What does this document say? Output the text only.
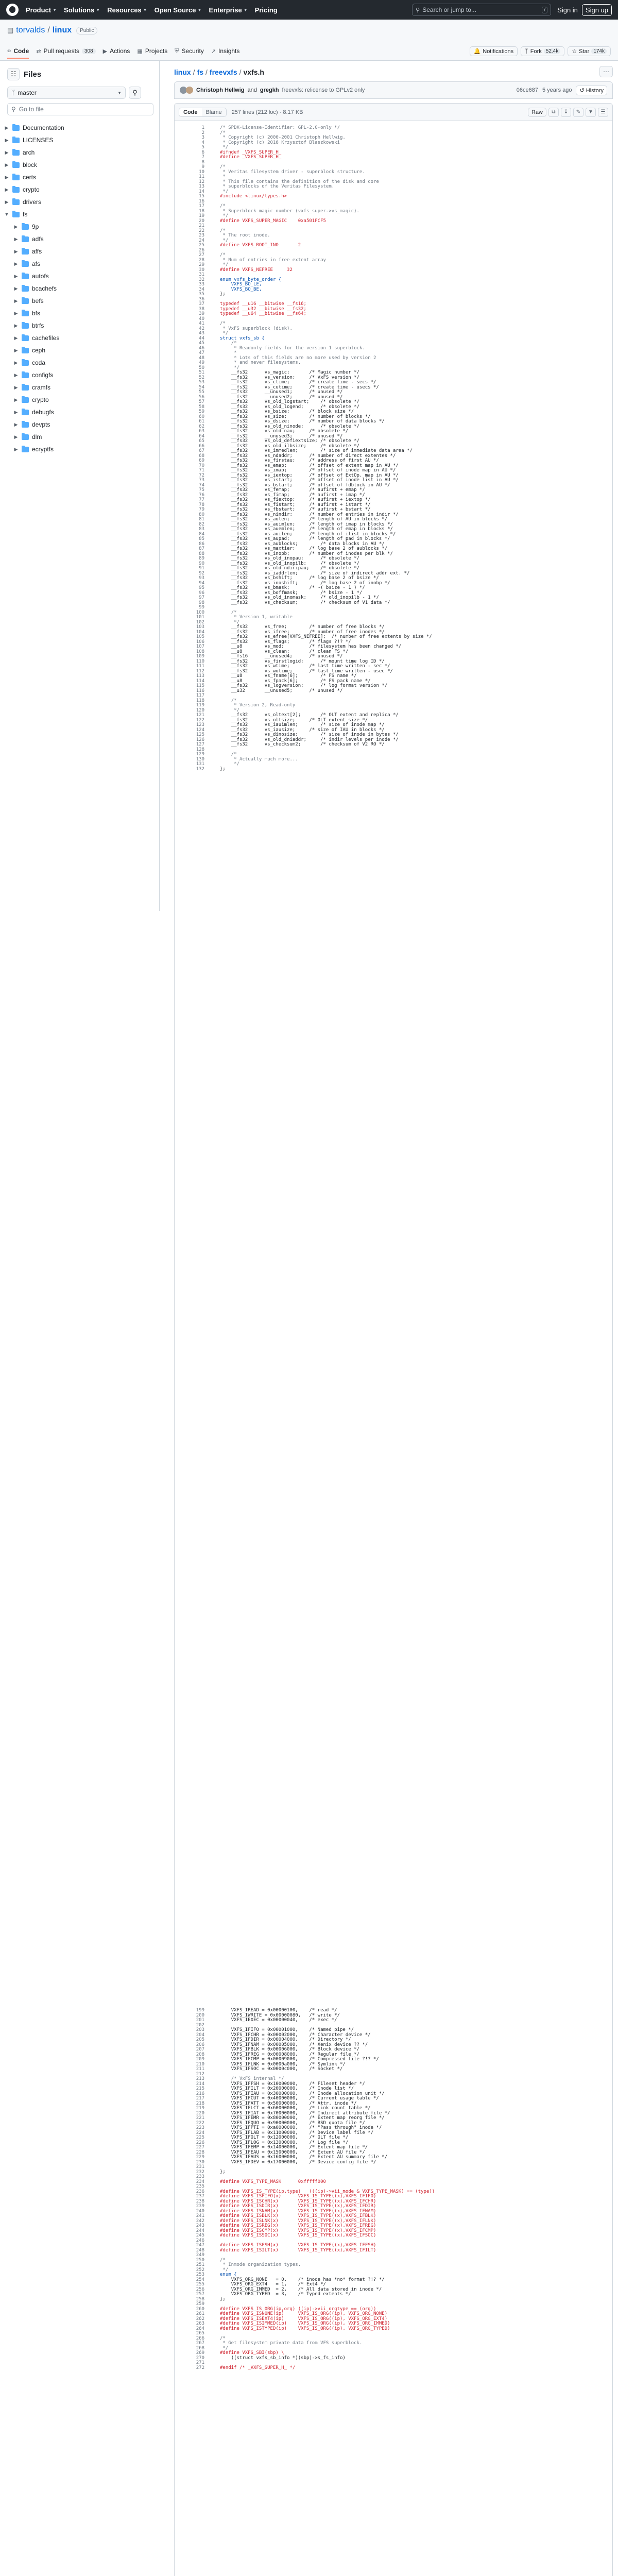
Product ▼ Solutions ▼ Resources ▼ Open Source ▼ Enterprise ▼ Pricing	⚲ Search or jump to...	/	Sign in	Sign up
▤ torvalds / linux	Public
‹› Code ⇄ Pull requests	308	▶ Actions ▦ Projects ⛨ Security ↗ Insights	🔔 Notifications ᛉ Fork 52.4k	☆ Star 174k
☷ Files
ᛉ master	▼	⚲
⚲ Go to file
▶ Documentation
▶ LICENSES
▶ arch
▶ block
▶ certs
▶ crypto
▶ drivers
▼ fs
▶ 9p
▶ adfs
▶ affs
▶ afs
▶ autofs
▶ bcachefs
▶ befs
▶ bfs
▶ btrfs
▶ cachefiles
▶ ceph
▶ coda
▶ configfs
▶ cramfs
▶ crypto
▶ debugfs
▶ devpts
▶ dlm
▶ ecryptfs
linux / fs / freevxfs / vxfs.h	⋯
Christoph Hellwig and gregkh freevxfs: relicense to GPLv2 only	06ce687 5 years ago	↺ History
Code	Blame	257 lines (212 loc) · 8.17 KB	Raw	⧉	↧	✎	▼	☰
1	/* SPDX-License-Identifier: GPL-2.0-only */
2	/*
3	* Copyright (c) 2000-2001 Christoph Hellwig.
4	* Copyright (c) 2016 Krzysztof Blaszkowski
5	*/
6	#ifndef _VXFS_SUPER_H_
7	#define _VXFS_SUPER_H_
8
9	/*
10	* Veritas filesystem driver - superblock structure.
11	*
12	* This file contains the definition of the disk and core
13	* superblocks of the Veritas Filesystem.
14	*/
15	#include <linux/types.h>
16
17	/*
18	* Superblock magic number (vxfs_super->vs_magic).
19	*/
20	#define VXFS_SUPER_MAGIC	0xa501FCF5
21
22	/*
23	* The root inode.
24	*/
25	#define VXFS_ROOT_INO		2
26
27	/*
28	* Num of entries in free extent array
29	*/
30	#define VXFS_NEFREE		32
31
32	enum vxfs_byte_order {
33		VXFS_BO_LE,
34		VXFS_BO_BE,
35	};
36
37	typedef __u16 __bitwise __fs16;
38	typedef __u32 __bitwise __fs32;
39	typedef __u64 __bitwise __fs64;
40
41	/*
42	* VxFS superblock (disk).
43	*/
44	struct vxfs_sb {
45		/*
46		* Readonly fields for the version 1 superblock.
47		*
48		* Lots of this fields are no more used by version 2
49		* and never filesystems.
50		*/
51		__fs32		vs_magic;		/* Magic number */
52		__fs32		vs_version;		/* VxFS version */
53		__fs32		vs_ctime;		/* create time - secs */
54		__fs32		vs_cutime;		/* create time - usecs */
55		__fs32		__unused1;		/* unused */
56		__fs32		__unused2;		/* unused */
57		__fs32		vs_old_logstart;	/* obsolete */
58		__fs32		vs_old_logend;		/* obsolete */
59		__fs32		vs_bsize;		/* block size */
60		__fs32		vs_size;		/* number of blocks */
61		__fs32		vs_dsize;		/* number of data blocks */
62		__fs32		vs_old_ninode;		/* obsolete */
63		__fs32		vs_old_nau;		/* obsolete */
64		__fs32		__unused3;		/* unused */
65		__fs32		vs_old_defiextsize;	/* obsolete */
66		__fs32		vs_old_ilbsize;		/* obsolete */
67		__fs32		vs_immedlen;		/* size of immediate data area */
68		__fs32		vs_ndaddr;		/* number of direct extentes */
69		__fs32		vs_firstau;		/* address of first AU */
70		__fs32		vs_emap;		/* offset of extent map in AU */
71		__fs32		vs_imap;		/* offset of inode map in AU */
72		__fs32		vs_iextop;		/* offset of ExtOp. map in AU */
73		__fs32		vs_istart;		/* offset of inode list in AU */
74		__fs32		vs_bstart;		/* offset of fdblock in AU */
75		__fs32		vs_femap;		/* aufirst + emap */
76		__fs32		vs_fimap;		/* aufirst + imap */
77		__fs32		vs_fiextop;		/* aufirst + iextop */
78		__fs32		vs_fistart;		/* aufirst + istart */
79		__fs32		vs_fbstart;		/* aufirst + bstart */
80		__fs32		vs_nindir;		/* number of entries in indir */
81		__fs32		vs_aulen;		/* length of AU in blocks */
82		__fs32		vs_auimlen;		/* length of imap in blocks */
83		__fs32		vs_auemlen;		/* length of emap in blocks */
84		__fs32		vs_auilen;		/* length of ilist in blocks */
85		__fs32		vs_aupad;		/* length of pad in blocks */
86		__fs32		vs_aublocks;		/* data blocks in AU */
87		__fs32		vs_maxtier;		/* log base 2 of aublocks */
88		__fs32		vs_inopb;		/* number of inodes per blk */
89		__fs32		vs_old_inopau;		/* obsolete */
90		__fs32		vs_old_inopilb;		/* obsolete */
91		__fs32		vs_old_ndiripau;	/* obsolete */
92		__fs32		vs_iaddrlen;		/* size of indirect addr ext. */
93		__fs32		vs_bshift;		/* log base 2 of bsize */
94		__fs32		vs_inoshift;		/* log base 2 of inobp */
95		__fs32		vs_bmask;		/* ~( bsize - 1 ) */
96		__fs32		vs_boffmask;		/* bsize - 1 */
97		__fs32		vs_old_inomask;		/* old_inopilb - 1 */
98		__fs32		vs_checksum;		/* checksum of V1 data */
99
100		/*
101		* Version 1, writable
102		*/
103		__fs32		vs_free;		/* number of free blocks */
104		__fs32		vs_ifree;		/* number of free inodes */
105		__fs32		vs_efree[VXFS_NEFREE];	/* number of free extents by size */
106		__fs32		vs_flags;		/* flags ?!? */
107		__u8		vs_mod;			/* filesystem has been changed */
108		__u8		vs_clean;		/* clean FS */
109		__fs16		__unused4;		/* unused */
110		__fs32		vs_firstlogid;		/* mount time log ID */
111		__fs32		vs_wtime;		/* last time written - sec */
112		__fs32		vs_wutime;		/* last time written - usec */
113		__u8		vs_fname[6];		/* FS name */
114		__u8		vs_fpack[6];		/* FS pack name */
115		__fs32		vs_logversion;		/* log format version */
116		__u32		__unused5;		/* unused */
117
118		/*
119		* Version 2, Read-only
120		*/
121		__fs32		vs_oltext[2];		/* OLT extent and replica */
122		__fs32		vs_oltsize;		/* OLT extent size */
123		__fs32		vs_iauimlen;		/* size of inode map */
124		__fs32		vs_iausize;		/* size of IAU in blocks */
125		__fs32		vs_dinosize;		/* size of inode in bytes */
126		__fs32		vs_old_dniaddr;		/* indir levels per inode */
127		__fs32		vs_checksum2;		/* checksum of V2 RO */
128
129		/*
130		* Actually much more...
131		*/
132	};
199		VXFS_IREAD = 0x00000100,	/* read */
200		VXFS_IWRITE = 0x00000080,	/* write */
201		VXFS_IEXEC = 0x00000040,	/* exec */
202
203		VXFS_IFIFO = 0x00001000,	/* Named pipe */
204		VXFS_IFCHR = 0x00002000,	/* Character device */
205		VXFS_IFDIR = 0x00004000,	/* Directory */
206		VXFS_IFNAM = 0x00005000,	/* Xenix device ?? */
207		VXFS_IFBLK = 0x00006000,	/* Block device */
208		VXFS_IFREG = 0x00008000,	/* Regular file */
209		VXFS_IFCMP = 0x00009000,	/* Compressed file ?!? */
210		VXFS_IFLNK = 0x0000a000,	/* Symlink */
211		VXFS_IFSOC = 0x0000c000,	/* Socket */
212
213		/* VxFS internal */
214		VXFS_IFFSH = 0x10000000,	/* Fileset header */
215		VXFS_IFILT = 0x20000000,	/* Inode list */
216		VXFS_IFIAU = 0x30000000,	/* Inode allocation unit */
217		VXFS_IFCUT = 0x40000000,	/* Current usage table */
218		VXFS_IFATT = 0x50000000,	/* Attr. inode */
219		VXFS_IFLCT = 0x60000000,	/* Link count table */
220		VXFS_IFIAT = 0x70000000,	/* Indirect attribute file */
221		VXFS_IFEMR = 0x80000000,	/* Extent map reorg file */
222		VXFS_IFQUO = 0x90000000,	/* BSD quota file */
223		VXFS_IFPTI = 0xa0000000,	/* "Pass through" inode */
224		VXFS_IFLAB = 0x11000000,	/* Device label file */
225		VXFS_IFOLT = 0x12000000,	/* OLT file */
226		VXFS_IFLOG = 0x13000000,	/* Log file */
227		VXFS_IFEMP = 0x14000000,	/* Extent map file */
228		VXFS_IFEAU = 0x15000000,	/* Extent AU file */
229		VXFS_IFAUS = 0x16000000,	/* Extent AU summary file */
230		VXFS_IFDEV = 0x17000000,	/* Device config file */
231
232	};
233
234	#define	VXFS_TYPE_MASK		0xfffff000
235
236	#define VXFS_IS_TYPE(ip,type)	(((ip)->vii_mode & VXFS_TYPE_MASK) == (type))
237	#define VXFS_ISFIFO(x)		VXFS_IS_TYPE((x),VXFS_IFIFO)
238	#define VXFS_ISCHR(x)		VXFS_IS_TYPE((x),VXFS_IFCHR)
239	#define VXFS_ISDIR(x)		VXFS_IS_TYPE((x),VXFS_IFDIR)
240	#define VXFS_ISNAM(x)		VXFS_IS_TYPE((x),VXFS_IFNAM)
241	#define VXFS_ISBLK(x)		VXFS_IS_TYPE((x),VXFS_IFBLK)
242	#define VXFS_ISLNK(x)		VXFS_IS_TYPE((x),VXFS_IFLNK)
243	#define VXFS_ISREG(x)		VXFS_IS_TYPE((x),VXFS_IFREG)
244	#define VXFS_ISCMP(x)		VXFS_IS_TYPE((x),VXFS_IFCMP)
245	#define VXFS_ISSOC(x)		VXFS_IS_TYPE((x),VXFS_IFSOC)
246
247	#define VXFS_ISFSH(x)		VXFS_IS_TYPE((x),VXFS_IFFSH)
248	#define VXFS_ISILT(x)		VXFS_IS_TYPE((x),VXFS_IFILT)
249
250	/*
251	* Inmode organization types.
252	*/
253	enum {
254		VXFS_ORG_NONE	= 0,	/* inode has *no* format ?!? */
255		VXFS_ORG_EXT4	= 1,	/* Ext4 */
256		VXFS_ORG_IMMED	= 2,	/* All data stored in inode */
257		VXFS_ORG_TYPED	= 3,	/* Typed extents */
258	};
259
260	#define VXFS_IS_ORG(ip,org)	((ip)->vii_orgtype == (org))
261	#define VXFS_ISNONE(ip)		VXFS_IS_ORG((ip), VXFS_ORG_NONE)
262	#define VXFS_ISEXT4(ip)		VXFS_IS_ORG((ip), VXFS_ORG_EXT4)
263	#define VXFS_ISIMMED(ip)	VXFS_IS_ORG((ip), VXFS_ORG_IMMED)
264	#define VXFS_ISTYPED(ip)	VXFS_IS_ORG((ip), VXFS_ORG_TYPED)
265
266	/*
267	* Get filesystem private data from VFS superblock.
268	*/
269	#define VXFS_SBI(sbp) \
270		((struct vxfs_sb_info *)(sbp)->s_fs_info)
271
272	#endif /* _VXFS_SUPER_H_ */
